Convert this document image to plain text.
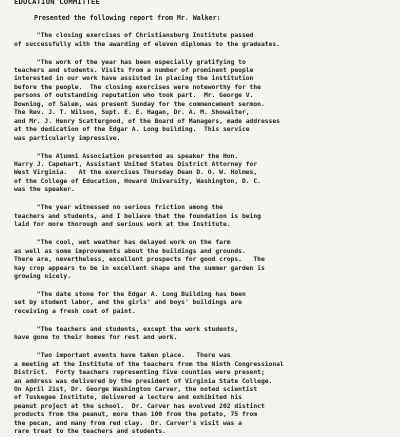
EDUCATION COMMITTEE
Presented the following report from Mr. Walker:
"The closing exercises of Christiansburg Institute passed
of successfully with the awarding of eleven diplomas to the graduates.
"The work of the year has been especially gratifying to
teachers and students. Visits from a number of prominent people
interested in our work have assisted in placing the institution
before the people.  The closing exercises were noteworthy for the
persons of outstanding reputation who took part.  Mr. George V.
Downing, of Salem, was present Sunday for the commencement sermon.
The Rev. J. T. Wilson, Supt. E. E. Hagan, Dr. A. M. Showalter,
and Mr. J. Henry Scattergood, of the Board of Managers, made addresses
at the dedication of the Edgar A. Long building.  This service
was particularly impressive.
"The Alumni Association presented as speaker the Hon.
Harry J. Capehart, Assistant United States District Attorney for
West Virginia.   At the exercises Thursday Dean D. O. W. Holmes,
of the College of Education, Howard University, Washington, D. C.
was the speaker.
"The year witnessed no serious friction among the
teachers and students, and I believe that the foundation is being
laid for more thorough and serious work at the Institute.
"The cool, wet weather has delayed work on the farm
as well as some improvements about the buildings and grounds.
There are, nevertheless, excellent prospects for good crops.   The
hay crop appears to be in excellent shape and the summer garden is
growing nicely.
"The date stone for the Edgar A. Long Building has been
set by student labor, and the girls' and boys' buildings are
receiving a fresh coat of paint.
"The teachers and students, except the work students,
have gone to their homes for rest and work.
"Two important events have taken place.   There was
a meeting at the Institute of the teachers from the Ninth Congressional
District.  Forty teachers representing five counties were present;
an address was delivered by the president of Virginia State College.
On April 21st, Dr. George Washington Carver, the noted scientist
of Tuskegee Institute, delivered a lecture and exhibited his
peanut project at the school.  Dr. Carver has evolved 202 distinct
products from the peanut, more than 100 from the potato, 75 from
the pecan, and many from red clay.  Dr. Carver's visit was a
rare treat to the teachers and students.
